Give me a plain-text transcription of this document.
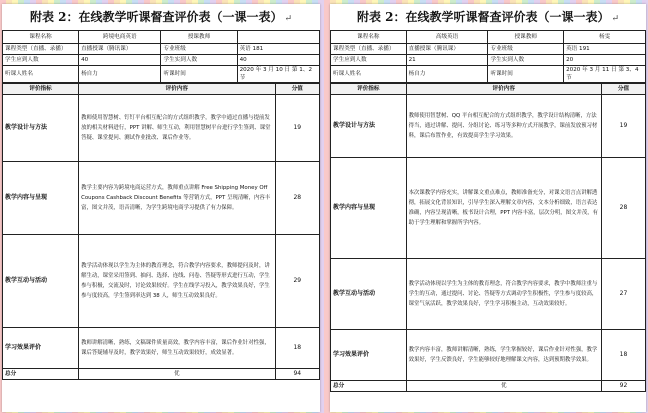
附表 2：在线教学听课督查评价表（一课一表） ↵
课程名称	跨境电商英语	授课教师	
课程类型（直播、录播）	直播授课（腾讯课）	专业班级	英语 181
学生应到人数	40	学生实到人数	40
听课人姓名	杨自力	听课时间	2020 年 3 月 10 日 第 1、2 节
评价指标	评价内容	分值
教学设计与方法	教师使用智慧树、钉钉平台相互配合的方式组织教学，教学中通过直播与提前发放的相关材料进行，PPT 讲解、师生互动，利用智慧树平台进行学生签到、课堂答疑、课堂提问、测试作业批改、课后作业等。	19
教学内容与呈现	教学主要内容为跨境电商运营方式，教师重点讲解 Free Shipping Money Off Coupons Cashback Discount Benefits 等营销方式，PPT 呈现清晰，内容丰富，图文并茂，语音清晰，为学生跨境电商学习提供了有力保障。	28
教学互动与活动	教学活动体现以学生为主体的教育理念，符合教学内容要求，教师提问及时，讲解生动，课堂采用签到、抽问、选择、连线、问卷、答疑等形式进行互动，学生参与积极，交流及时，讨论效果较好。学生在线学习投入，教学效果良好，学生参与度较高，学生签到率达到 38 人，师生互动效果良好。	29
学习效果评价	教师讲解清晰，熟练，文稿课件质量高效，教学内容丰富，课后作业针对性强，课后答疑辅导及时，教学效果好，师生互动效果较好，成效显著。	18
总分	优	94
附表 2：在线教学听课督查评价表（一课一表） ↵
课程名称	高级英语	授课教师	杨雯
课程类型（直播、录播）	直播授课（腾讯课）	专业班级	英语 191
学生应到人数	21	学生实到人数	20
听课人姓名	杨自力	听课时间	2020 年 3 月 11 日 第 3、4 节
评价指标	评价内容	分值
教学设计与方法	教师使用智慧树、QQ 平台相互配合的方式组织教学，教学设计结构清晰，方法得当，通过讲解、提问、分组讨论、练习等多种方式开展教学，课前发放预习材料，课后布置作业，有效提高学生学习效果。	19
教学内容与呈现	本次课教学内容充实，讲解课文重点难点，教师准备充分，对课文语言点讲解透彻，拓展文化背景知识，引导学生深入理解文章内容，文本分析细致，语言表达准确，内容呈现清晰，板书设计合理，PPT 内容丰富，层次分明，图文并茂，有助于学生理解和掌握所学内容。	28
教学互动与活动	教学活动体现以学生为主体的教育理念，符合教学内容要求，教学中教师注重与学生的互动，通过提问、讨论、答疑等方式调动学生积极性，学生参与度较高，课堂气氛活跃，教学效果良好，学生学习积极主动，互动效果较好。	27
学习效果评价	教学内容丰富，教师讲解清晰，熟练，学生掌握较好，课后作业针对性强，教学效果好，学生反馈良好，学生能够较好地理解课文内容，达到预期教学效果。	18
总分	优	92
